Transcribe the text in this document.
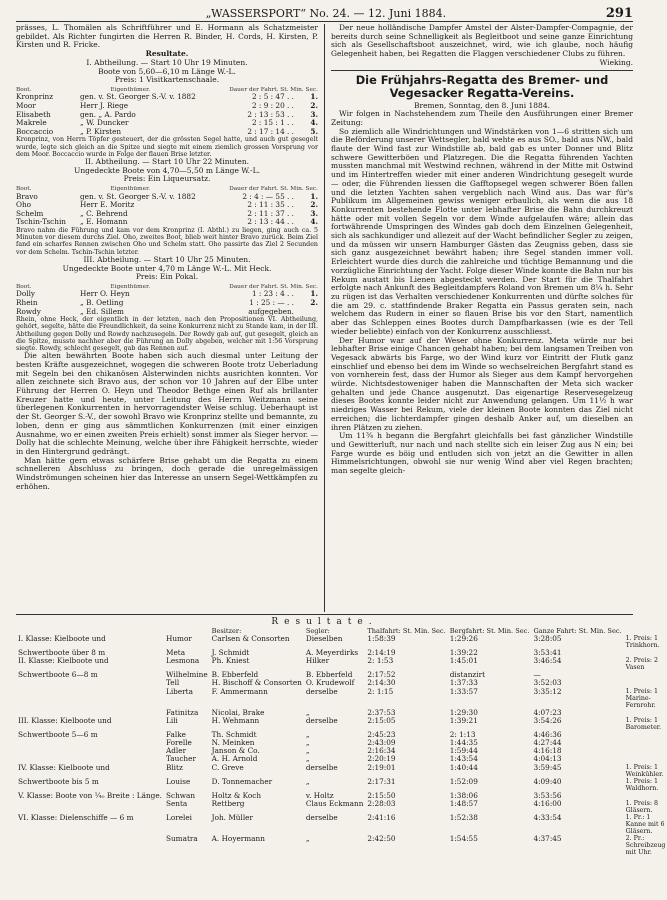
„WASSERSPORT“ No. 24. — 12. Juni 1884.	291

prässes, L. Thomälen als Schriftführer und E. Hormann als Schatzmeister gebildet. Als Richter fungirten die Herren R. Binder, H. Cords, H. Kirsten, P. Kirsten und R. Fricke.

Resultate.

I. Abtheilung. — Start 10 Uhr 19 Minuten.

Boote von 5,60—6,10 m Länge W.-L.

Preis: 1 Visitkartenschaale.

Boot.	Eigenthümer.	Dauer der Fahrt. St. Min. Sec.
Kronprinz	gen. v. St. Georger S.-V. v. 1882	2 : 5 : 47 . .	1.
Moor	Herr J. Riege	2 : 9 : 20 . .	2.
Elisabeth	gen. „ A. Pardo	2 : 13 : 53 . .	3.
Makrele	„ W. Duncker	2 : 15 : 1 . .	4.
Boccaccio	„ P. Kirsten	2 : 17 : 14 . .	5.

Kronprinz, von Herrn Töpfer gesteuert, der die grössten Segel hatte, und auch gut gesegelt wurde, legte sich gleich an die Spitze und siegte mit einem ziemlich grossen Vorsprung vor dem Moor. Boccaccio wurde in Folge der flauen Brise letzter.

II. Abtheilung. — Start 10 Uhr 22 Minuten.

Ungedeckte Boote von 4,70—5,50 m Länge W.-L.

Preis: Ein Liqueursatz.

Boot.	Eigenthümer.	Dauer der Fahrt. St. Min. Sec.
Bravo	gen. v. St. Georger S.-V. v. 1882	2 : 4 : — 55 . .	1.
Oho	Herr E. Moritz	2 : 11 : 35 . .	2.
Schelm	„ C. Behrend	2 : 11 : 37 . .	3.
Tschin-Tschin	„ E. Homann	2 : 13 : 44 . .	4.

Bravo nahm die Führung und kam vor dem Kronprinz (I. Abthl.) zu liegen, ging auch ca. 5 Minuten vor diesem durchs Ziel. Oho, zweites Boot, blieb weit hinter Bravo zurück. Beim Ziel fand ein scharfes Rennen zwischen Oho und Schelm statt. Oho passirte das Ziel 2 Secunden vor dem Schelm. Tschin-Tschin letzter.

III. Abtheilung. — Start 10 Uhr 25 Minuten.

Ungedeckte Boote unter 4,70 m Länge W.-L. Mit Heck.

Preis: Ein Pokal.

Boot.	Eigenthümer.	Dauer der Fahrt. St. Min. Sec.
Dolly	Herr O. Heyn	1 : 23 : 4 . .	1.
Rhein	„ B. Oetling	1 : 25 : — . .	2.
Rowdy	„ Ed. Sillem	aufgegeben.

Rhein, ohne Heck, der eigentlich in der letzten, nach den Propositionen VI. Abtheilung, gehört, segelte, hätte die Freundlichkeit, da seine Konkurrenz nicht zu Stande kam, in der III. Abtheilung gegen Dolly und Rowdy nachzusegeln. Der Rowdy gab auf, gut gesegelt, gleich an die Spitze, musste nachher aber die Führung an Dolly abgeben, welcher mit 1:56 Vorsprung siegte. Rowdy, schlecht gesegelt, gab das Rennen auf.

Die alten bewährten Boote haben sich auch diesmal unter Leitung der besten Kräfte ausgezeichnet, wogegen die schweren Boote trotz Ueberladung mit Segeln bei den chikanösen Alsterwinden nichts ausrichten konnten. Vor allen zeichnete sich Bravo aus, der schon vor 10 Jahren auf der Elbe unter Führung der Herren O. Heyn und Theodor Bethge einen Ruf als brillanter Kreuzer hatte und heute, unter Leitung des Herrn Weitzmann seine überlegenen Konkurrenten in hervorragendster Weise schlug. Ueberhaupt ist der St. Georger S.-V., der sowohl Bravo wie Kronprinz stellte und bemannte, zu loben, denn er ging aus sämmtlichen Konkurrenzen (mit einer einzigen Ausnahme, wo er einen zweiten Preis erhielt) sonst immer als Sieger hervor. — Dolly hat die schlechte Meinung, welche über ihre Fähigkeit herrschte, wieder in den Hintergrund gedrängt.

Man hätte gern etwas schärfere Brise gehabt um die Regatta zu einem schnelleren Abschluss zu bringen, doch gerade die unregelmässigen Windströmungen scheinen hier das Interesse an unsern Segel-Wettkämpfen zu erhöhen.

Der neue holländische Dampfer Amstel der Alster-Dampfer-Compagnie, der bereits durch seine Schnelligkeit als Begleitboot und seine ganze Einrichtung sich als Gesellschaftsboot auszeichnet, wird, wie ich glaube, noch häufig Gelegenheit haben, bei Regatten die Flaggen verschiedener Clubs zu führen.

Wieking.

Die Frühjahrs-Regatta des Bremer- und Vegesacker Regatta-Vereins.

Bremen, Sonntag, den 8. Juni 1884.

Wir folgen in Nachstehendem zum Theile den Ausführungen einer Bremer Zeitung:

So ziemlich alle Windrichtungen und Windstärken von 1—6 stritten sich um die Beförderung unserer Wettsegler, bald wehte es aus SO., bald aus NW., bald flaute der Wind fast zur Windstille ab, bald gab es unter Donner und Blitz schwere Gewitterböen und Platzregen. Die die Regatta führenden Yachten mussten manchmal mit Westwind rechnen, während in der Mitte mit Ostwind und im Hintertreffen wieder mit einer anderen Windrichtung gesegelt wurde — oder, die Führenden liessen die Gafftopsegel wegen schwerer Böen fallen und die letzten Yachten sahen vergeblich nach Wind aus. Das war für's Publikum im Allgemeinen gewiss weniger erbaulich, als wenn die aus 18 Konkurrenten bestehende Flotte unter lebhafter Brise die Bahn durchkreuzt hätte oder mit vollen Segeln vor dem Winde aufgelaufen wäre; allein das fortwährende Umspringen des Windes gab doch dem Einzelnen Gelegenheit, sich als sachkundiger und allezeit auf der Wacht befindlicher Segler zu zeigen, und da müssen wir unsern Hamburger Gästen das Zeugniss geben, dass sie sich ganz ausgezeichnet bewährt haben; ihre Segel standen immer voll. Erleichtert wurde dies durch die zahlreiche und tüchtige Bemannung und die vorzügliche Einrichtung der Yacht. Folge dieser Winde konnte die Bahn nur bis Rekum austatt bis Lienen abgesteckt werden. Der Start für die Thalfahrt erfolgte nach Ankunft des Begleitdampfers Roland von Bremen um 8¼ h. Sehr zu rügen ist das Verhalten verschiedener Konkurrenten und dürfte solches für die am 29. c. stattfindende Braker Regatta ein Passus geraten sein, nach welchem das Rudern in einer so flauen Brise bis vor den Start, namentlich aber das Schleppen eines Bootes durch Dampfbarkassen (wie es der Tell wieder beliebte) einfach von der Konkurrenz ausschliesst.

Der Humor war auf der Weser ohne Konkurrenz. Meta würde nur bei lebhafter Brise einige Chancen gehabt haben; bei dem langsamen Treiben von Vegesack abwärts bis Farge, wo der Wind kurz vor Eintritt der Flutk ganz einschlief und ebenso bei dem im Winde so wechselreichen Bergfahrt stand es von vornherein fest, dass der Humor als Sieger aus dem Kampf hervorgehen würde. Nichtsdestoweniger haben die Mannschaften der Meta sich wacker gehalten und jede Chance ausgenutzt. Das eigenartige Reservesegelzeug dieses Bootes konnte leider nicht zur Anwendung gelangen. Um 11½ h war niedriges Wasser bei Rekum, viele der kleinen Boote konnten das Ziel nicht erreichen; die lichterdampfer gingen deshalb Anker auf, um dieselben an ihren Plätzen zu ziehen.

Um 11¾ h begann die Bergfahrt gleichfalls bei fast gänzlicher Windstille und Gewitterluft, nur nach und nach stellte sich ein leiser Zug aus N ein; bei Farge wurde es böig und entluden sich von jetzt an die Gewitter in allen Himmelsrichtungen, obwohl sie nur wenig Wind aber viel Regen brachten; man segelte gleich-

Resultate.
		Besitzer:	Segler:	Thalfahrt: St. Min. Sec.	Bergfahrt: St. Min. Sec.	Ganze Fahrt: St. Min. Sec.	
I. Klasse: Kielboote und	Humor	Carlsen & Consorten	Dieselben	1:58:39	1:29:26	3:28:05	1. Preis: 1 Trinkhorn.
Schwertboote über 8 m	Meta	J. Schmidt	A. Meyerdirks	2:14:19	1:39:22	3:53:41	
II. Klasse: Kielboote und	Lesmona	Ph. Kniest	Hilker	2: 1:53	1:45:01	3:46:54	2. Preis: 2 Vasen
Schwertboote 6—8 m	Wilhelmine	B. Ebberfeld	B. Ebberfeld	2:17:52	distanzirt	—	
	Tell	H. Bischoff & Consorten	O. Krudewolf	2:14:30	1:37:33	3:52:03	
	Liberta	F. Ammermann	derselbe	2: 1:15	1:33:57	3:35:12	1. Preis: 1 Marine-Fernrohr.
	Fatinitza	Nicolai, Brake	„	2:37:53	1:29:30	4:07:23	
III. Klasse: Kielboote und	Lili	H. Wehmann	derselbe	2:15:05	1:39:21	3:54:26	1. Preis: 1 Barometer.
Schwertboote 5—6 m	Falke	Th. Schmidt	„	2:45:23	2: 1:13	4:46:36	
	Forelle	N. Meinken	„	2:43:09	1:44:35	4:27:44	
	Adler	Janson & Co.	„	2:16:34	1:59:44	4:16:18	
	Taucher	A. H. Arnold	„	2:20:19	1:43:54	4:04:13	
IV. Klasse: Kielboote und	Blitz	C. Greve	derselbe	2:19:01	1:40:44	3:59:45	1. Preis: 1 Weinkühler.
Schwertboote bis 5 m	Louise	D. Tonnemacher	„	2:17:31	1:52:09	4:09:40	1. Preis: 1 Waldhorn.
V. Klasse: Boote von ¼₀ Breite : Länge.	Schwan	Holtz & Koch	v. Holtz	2:15:50	1:38:06	3:53:56	
	Senta	Rettberg	Claus Eckmann	2:28:03	1:48:57	4:16:00	1. Preis: 8 Gläsern.
VI. Klasse: Dielenschiffe — 6 m	Lorelei	Joh. Müller	derselbe	2:41:16	1:52:38	4:33:54	1. Pr.: 1 Kanne mit 6 Gläsern.
	Sumatra	A. Hoyermann	„	2:42:50	1:54:55	4:37:45	2. Pr.: Schreibzeug mit Uhr.
